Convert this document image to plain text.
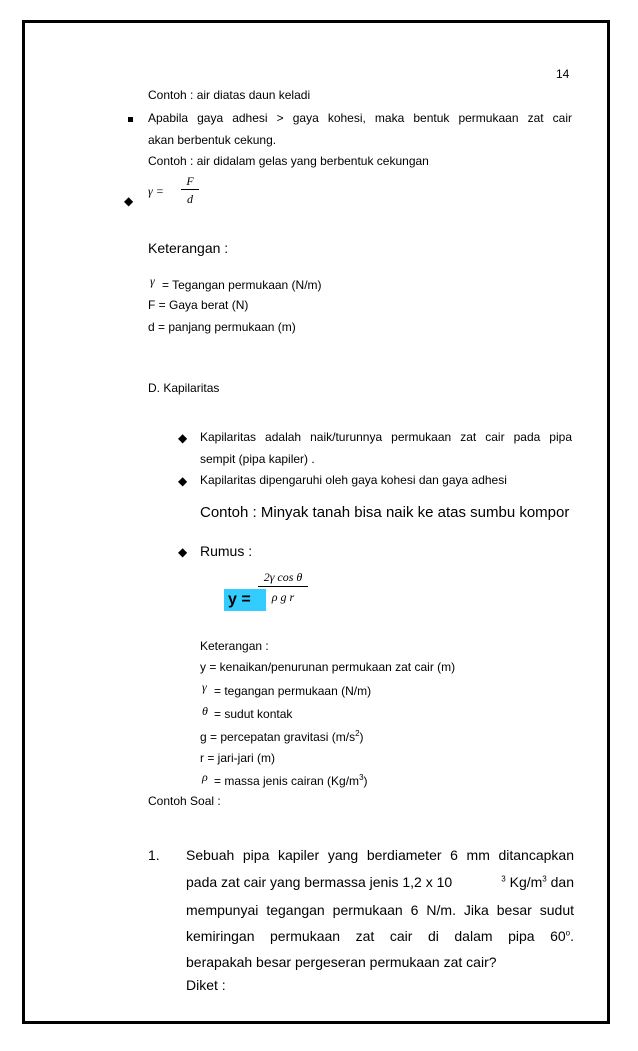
14
Contoh : air diatas daun keladi
Apabila gaya adhesi > gaya kohesi, maka bentuk permukaan zat cair
akan berbentuk cekung.
Contoh : air didalam gelas yang berbentuk cekungan
◆
γ =
F
d
Keterangan :
γ = Tegangan permukaan (N/m)
F = Gaya berat (N)
d = panjang permukaan (m)
D. Kapilaritas
◆ Kapilaritas adalah naik/turunnya permukaan zat cair pada pipa
sempit (pipa kapiler) .
◆ Kapilaritas dipengaruhi oleh gaya kohesi dan gaya adhesi
Contoh : Minyak tanah bisa naik ke atas sumbu kompor
◆ Rumus :
y =
2γ cos θ
ρ g r
Keterangan :
y = kenaikan/penurunan permukaan zat cair (m)
γ = tegangan permukaan (N/m)
θ = sudut kontak
g = percepatan gravitasi $(m/s^2)$
r = jari-jari (m)
ρ = massa jenis cairan $(Kg/m^3)$
Contoh Soal :
1. Sebuah pipa kapiler yang berdiameter 6 mm ditancapkan
pada zat cair yang bermassa jenis 1,2 x 10	$^3$ $Kg/m^3$ dan
mempunyai tegangan permukaan 6 N/m. Jika besar sudut
kemiringan permukaan zat cair di dalam pipa 60$^o$.
berapakah besar pergeseran permukaan zat cair?
Diket :
